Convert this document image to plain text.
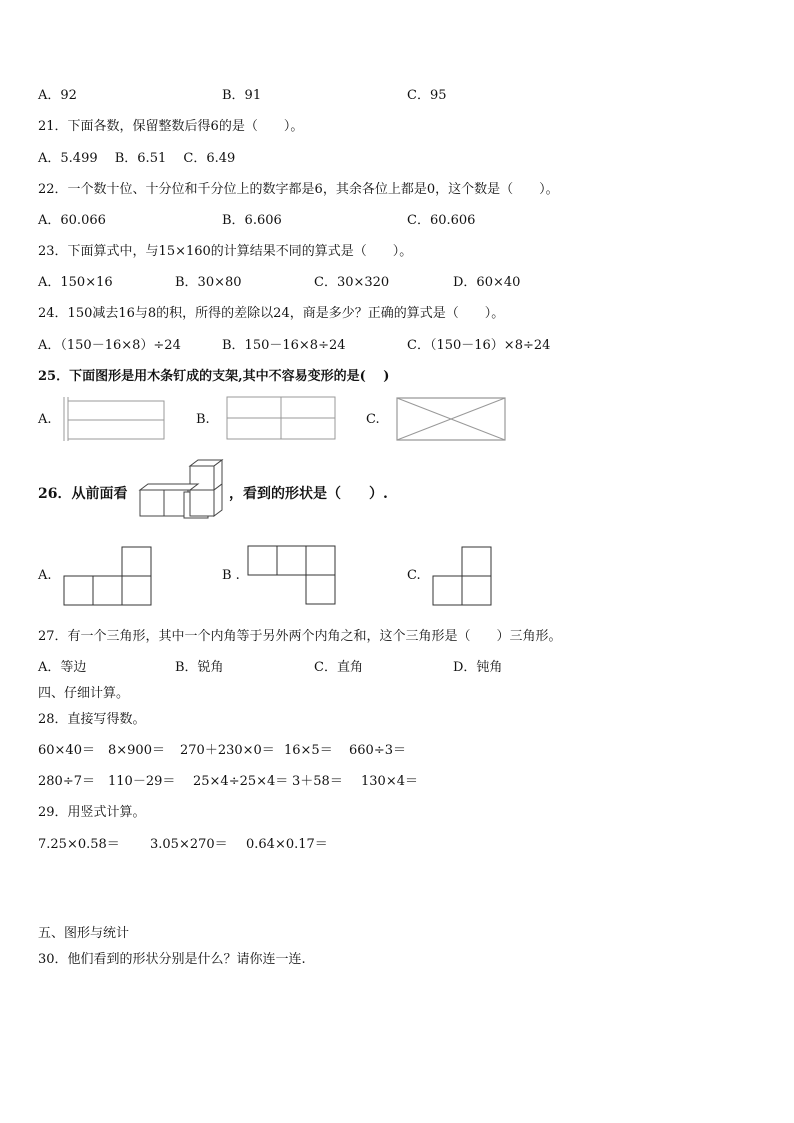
A．92	B．91	C．95
21．下面各数，保留整数后得6的是（　　）。
A．5.499　 B．6.51　 C．6.49
22．一个数十位、十分位和千分位上的数字都是6，其余各位上都是0，这个数是（　　）。
A．60.066	B．6.606	C．60.606
23．下面算式中，与15×160的计算结果不同的算式是（　　）。
A．150×16	B．30×80	C．30×320	D．60×40
24．150减去16与8的积，所得的差除以24，商是多少？正确的算式是（　　）。
A．（150－16×8）÷24	B．150－16×8÷24	C．（150－16）×8÷24
25．下面图形是用木条钉成的支架,其中不容易变形的是(　 )
A.	B.	C.
26．从前面看	，看到的形状是（　　）.
A.	B .	C.
27．有一个三角形，其中一个内角等于另外两个内角之和，这个三角形是（　　）三角形。
A．等边	B．锐角	C．直角	D．钝角
四、仔细计算。
28．直接写得数。
60×40＝ 8×900＝ 270＋230×0＝ 16×5＝ 660÷3＝
280÷7＝ 110－29＝ 25×4÷25×4＝ 3＋58＝ 130×4＝
29．用竖式计算。
7.25×0.58＝ 3.05×270＝ 0.64×0.17＝
五、图形与统计
30．他们看到的形状分别是什么？请你连一连.
